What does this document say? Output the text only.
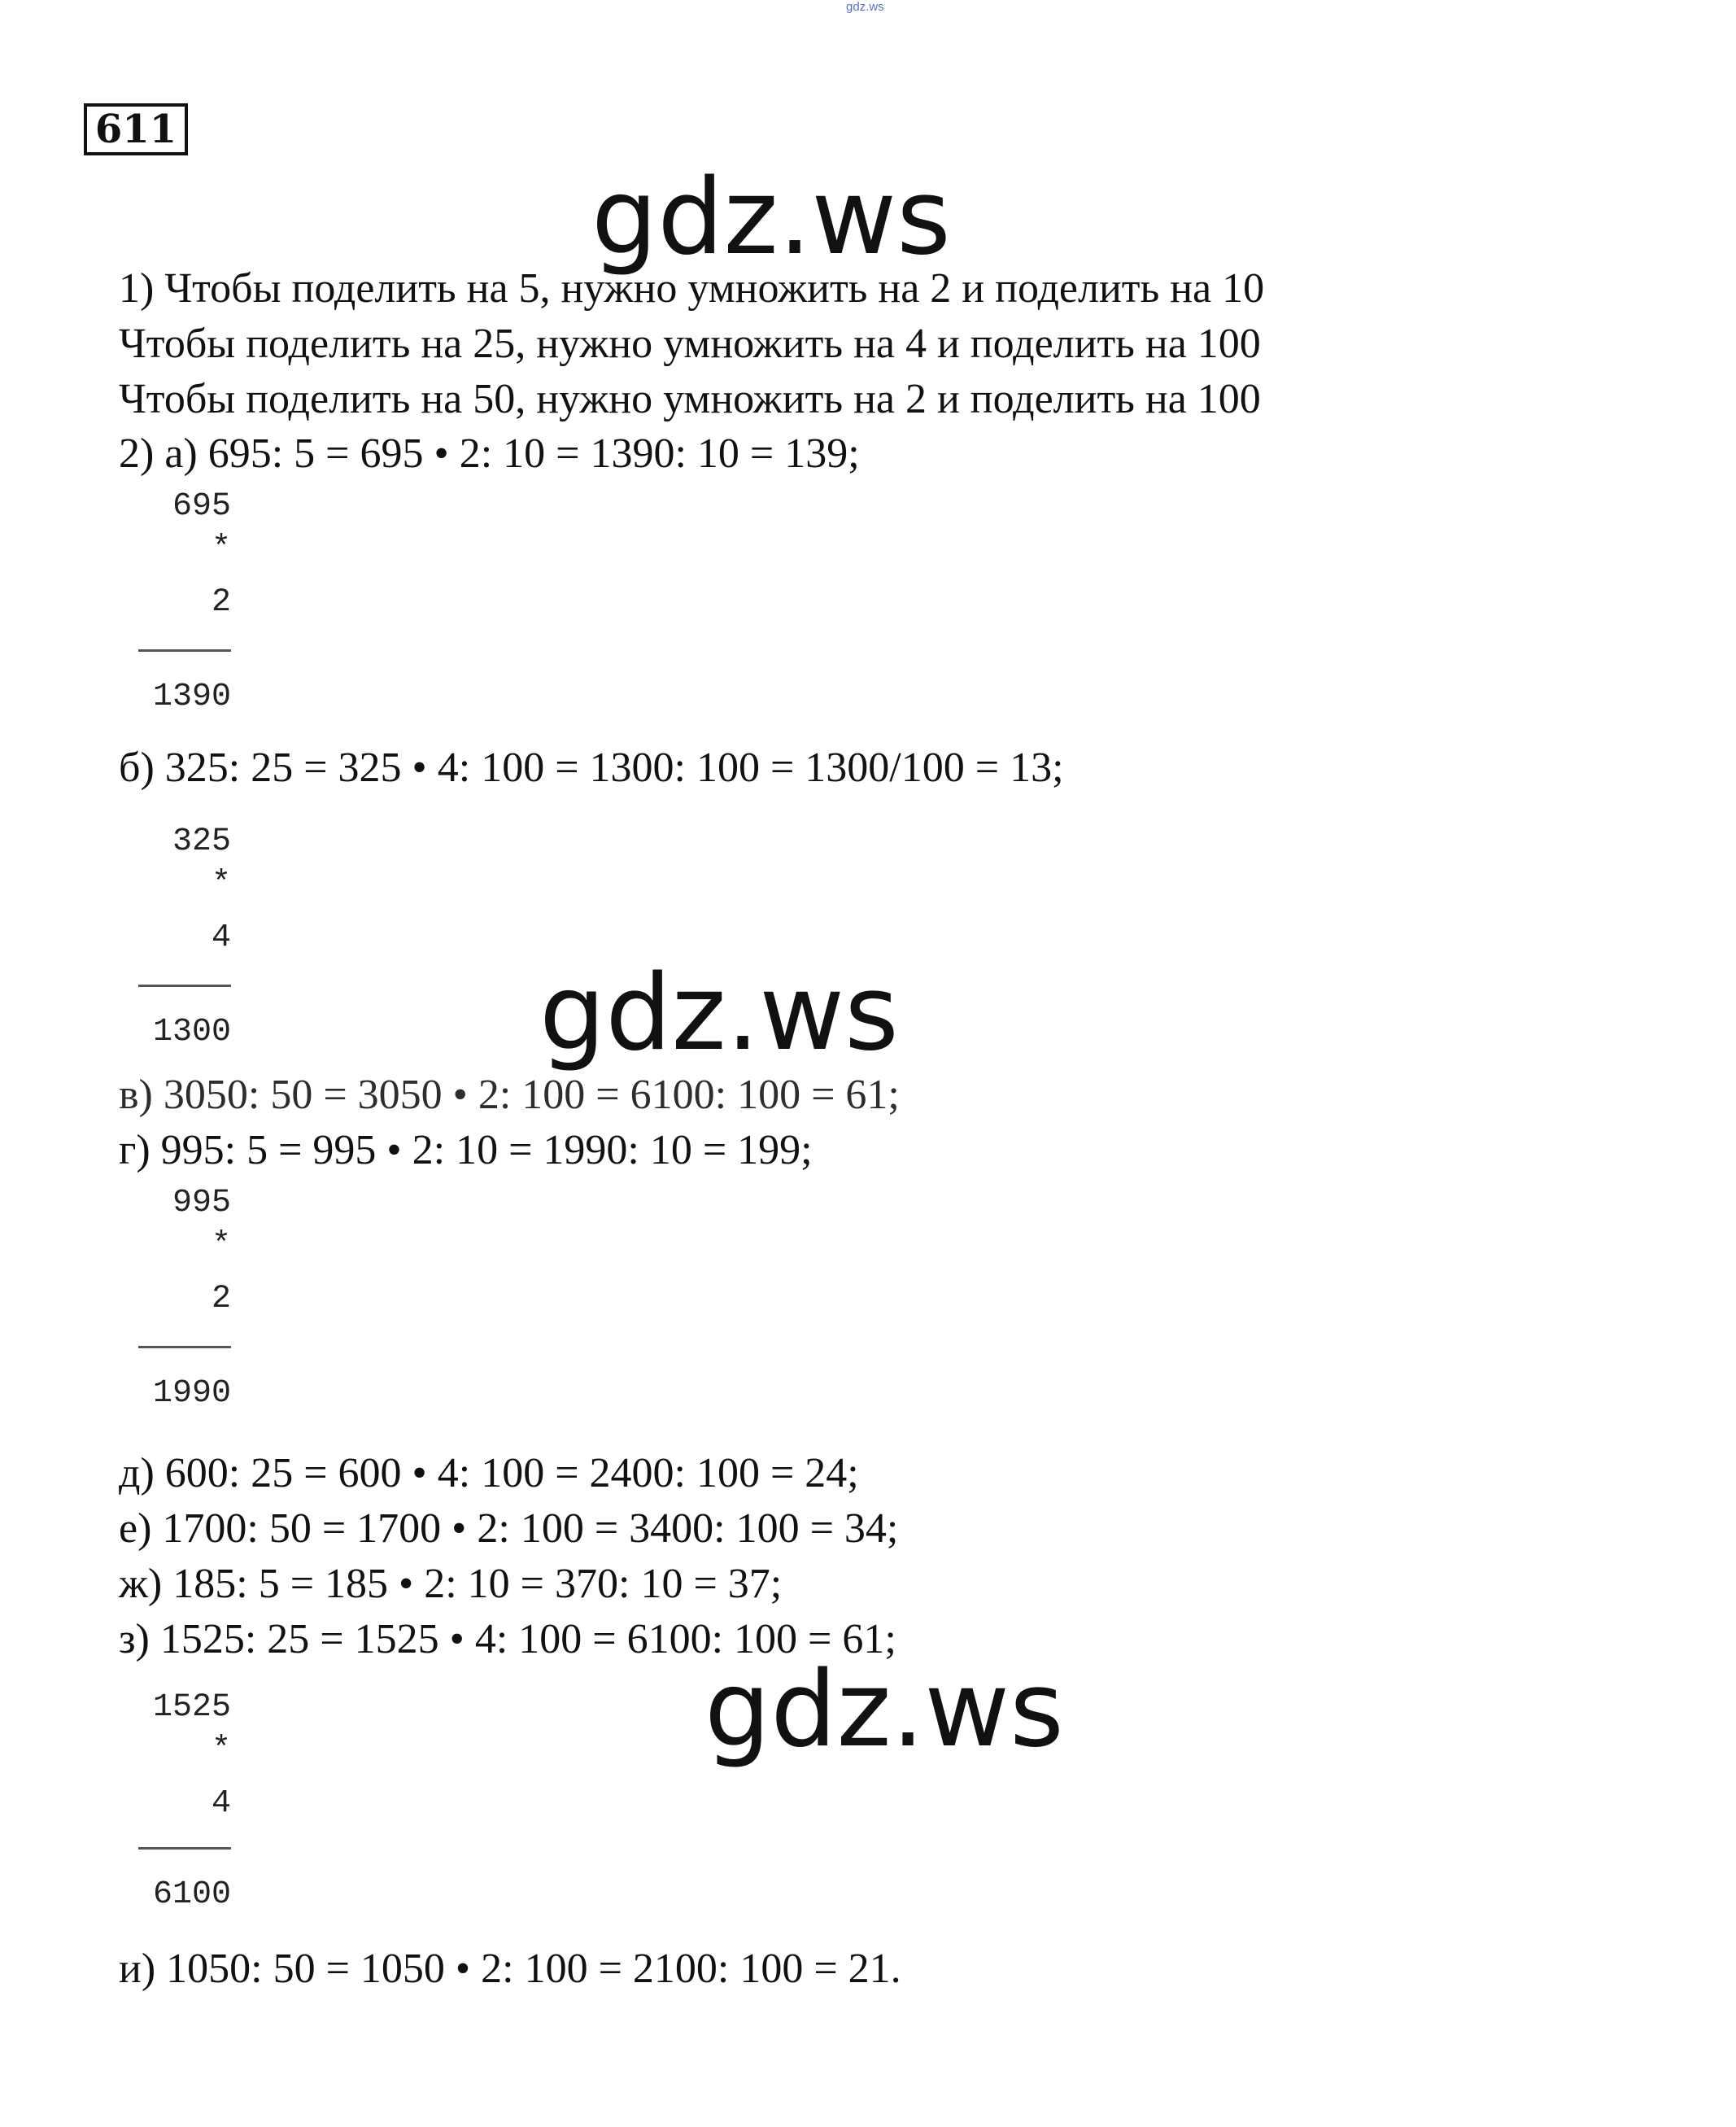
gdz.ws
611
gdz.ws
1) Чтобы поделить на 5, нужно умножить на 2 и поделить на 10
Чтобы поделить на 25, нужно умножить на 4 и поделить на 100
Чтобы поделить на 50, нужно умножить на 2 и поделить на 100
2) а) 695: 5 = 695 • 2: 10 = 1390: 10 = 139;
695
*
2
1390
б) 325: 25 = 325 • 4: 100 = 1300: 100 = 1300/100 = 13;
325
*
4
1300	gdz.ws
в) 3050: 50 = 3050 • 2: 100 = 6100: 100 = 61;
г) 995: 5 = 995 • 2: 10 = 1990: 10 = 199;
995
*
2
1990
д) 600: 25 = 600 • 4: 100 = 2400: 100 = 24;
е) 1700: 50 = 1700 • 2: 100 = 3400: 100 = 34;
ж) 185: 5 = 185 • 2: 10 = 370: 10 = 37;
з) 1525: 25 = 1525 • 4: 100 = 6100: 100 = 61;
1525
*
4
6100
gdz.ws
и) 1050: 50 = 1050 • 2: 100 = 2100: 100 = 21.
